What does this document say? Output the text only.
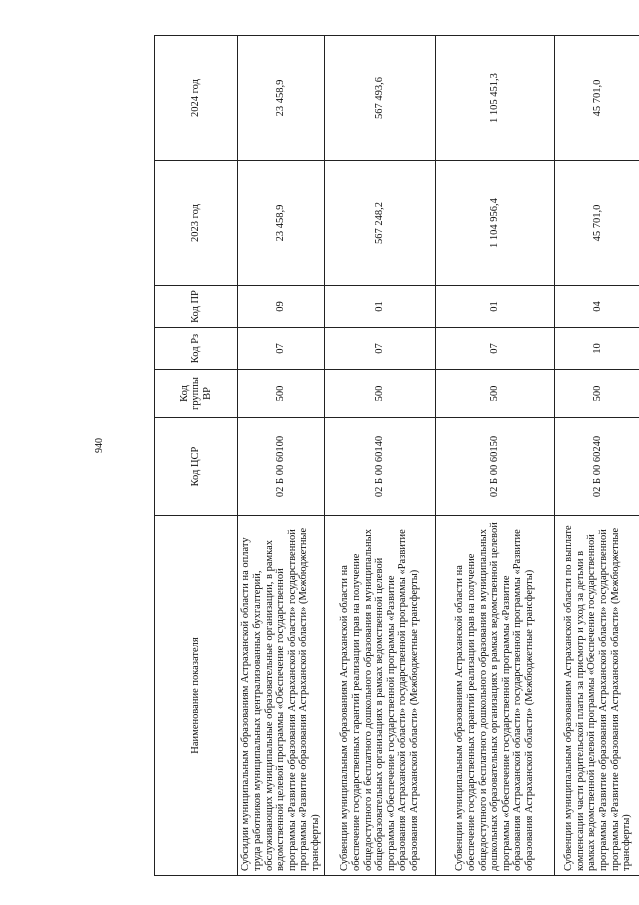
940
Наименование показателя	Код ЦСР	Код группы ВР	Код Рз	Код ПР	2023 год	2024 год
Субсидии муниципальным образованиям Астраханской области на оплату труда работников муниципальных централизованных бухгалтерий, обслуживающих муниципальные образовательные организации, в рамках ведомственной целевой программы «Обеспечение государственной программы «Развитие образования Астраханской области» государственной программы «Развитие образования Астраханской области» (Межбюджетные трансферты)	02 Б 00 60100	500	07	09	23 458,9	23 458,9
Субвенции муниципальным образованиям Астраханской области на обеспечение государственных гарантий реализации прав на получение общедоступного и бесплатного дошкольного образования в муниципальных общеобразовательных организациях в рамках ведомственной целевой программы «Обеспечение государственной программы «Развитие образования Астраханской области» государственной программы «Развитие образования Астраханской области» (Межбюджетные трансферты)	02 Б 00 60140	500	07	01	567 248,2	567 493,6
Субвенции муниципальным образованиям Астраханской области на обеспечение государственных гарантий реализации прав на получение общедоступного и бесплатного дошкольного образования в муниципальных дошкольных образовательных организациях в рамках ведомственной целевой программы «Обеспечение государственной программы «Развитие образования Астраханской области» государственной программы «Развитие образования Астраханской области» (Межбюджетные трансферты)	02 Б 00 60150	500	07	01	1 104 956,4	1 105 451,3
Субвенции муниципальным образованиям Астраханской области по выплате компенсации части родительской платы за присмотр и уход за детьми в рамках ведомственной целевой программы «Обеспечение государственной программы «Развитие образования Астраханской области» государственной программы «Развитие образования Астраханской области» (Межбюджетные трансферты)	02 Б 00 60240	500	10	04	45 701,0	45 701,0
